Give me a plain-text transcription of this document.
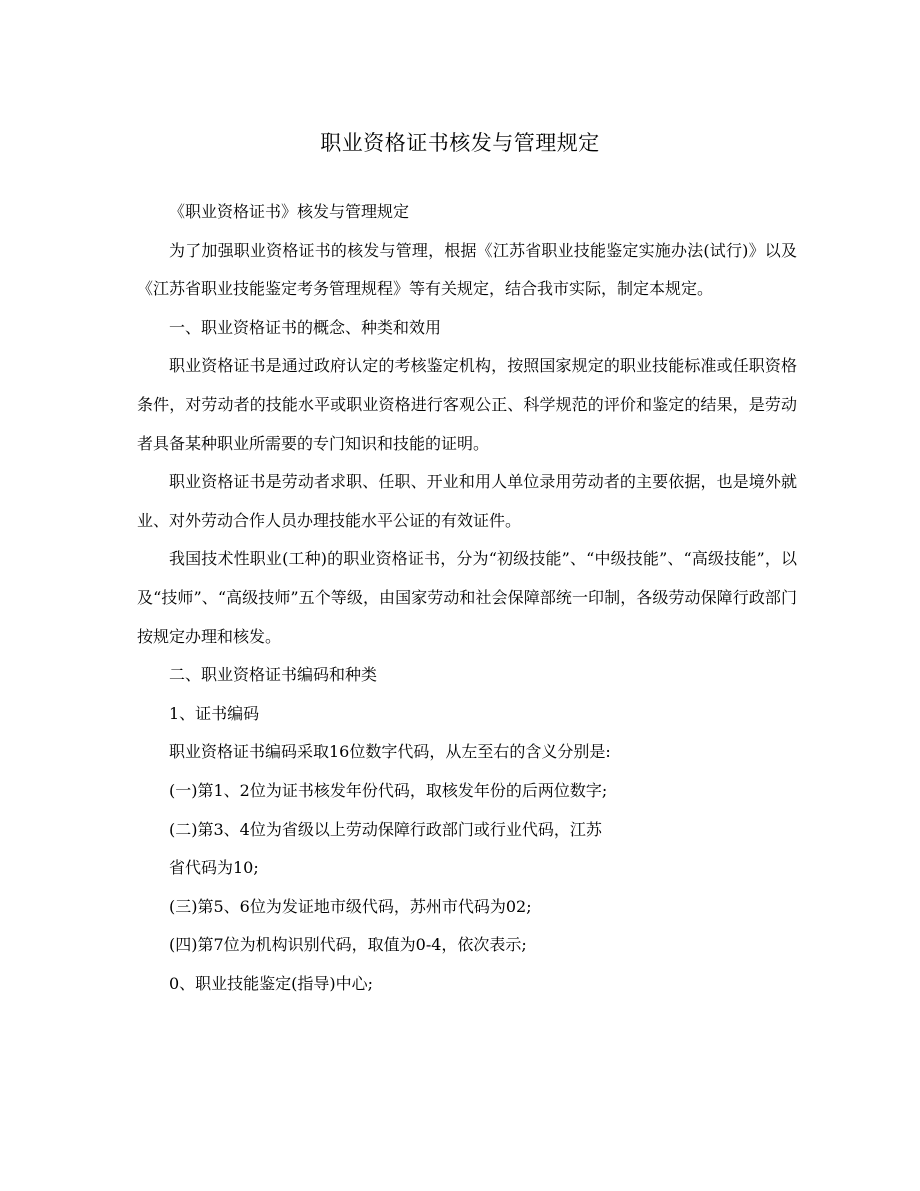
职业资格证书核发与管理规定

《职业资格证书》核发与管理规定

为了加强职业资格证书的核发与管理，根据《江苏省职业技能鉴定实施办法(试行)》以及《江苏省职业技能鉴定考务管理规程》等有关规定，结合我市实际，制定本规定。

一、职业资格证书的概念、种类和效用

职业资格证书是通过政府认定的考核鉴定机构，按照国家规定的职业技能标准或任职资格条件，对劳动者的技能水平或职业资格进行客观公正、科学规范的评价和鉴定的结果，是劳动者具备某种职业所需要的专门知识和技能的证明。

职业资格证书是劳动者求职、任职、开业和用人单位录用劳动者的主要依据，也是境外就业、对外劳动合作人员办理技能水平公证的有效证件。

我国技术性职业(工种)的职业资格证书，分为“初级技能”、“中级技能”、“高级技能”，以及“技师”、“高级技师”五个等级，由国家劳动和社会保障部统一印制，各级劳动保障行政部门按规定办理和核发。

二、职业资格证书编码和种类

1、证书编码

职业资格证书编码采取16位数字代码，从左至右的含义分别是:

(一)第1、2位为证书核发年份代码，取核发年份的后两位数字;

(二)第3、4位为省级以上劳动保障行政部门或行业代码，江苏

省代码为10;

(三)第5、6位为发证地市级代码，苏州市代码为02;

(四)第7位为机构识别代码，取值为0-4，依次表示;

0、职业技能鉴定(指导)中心;
